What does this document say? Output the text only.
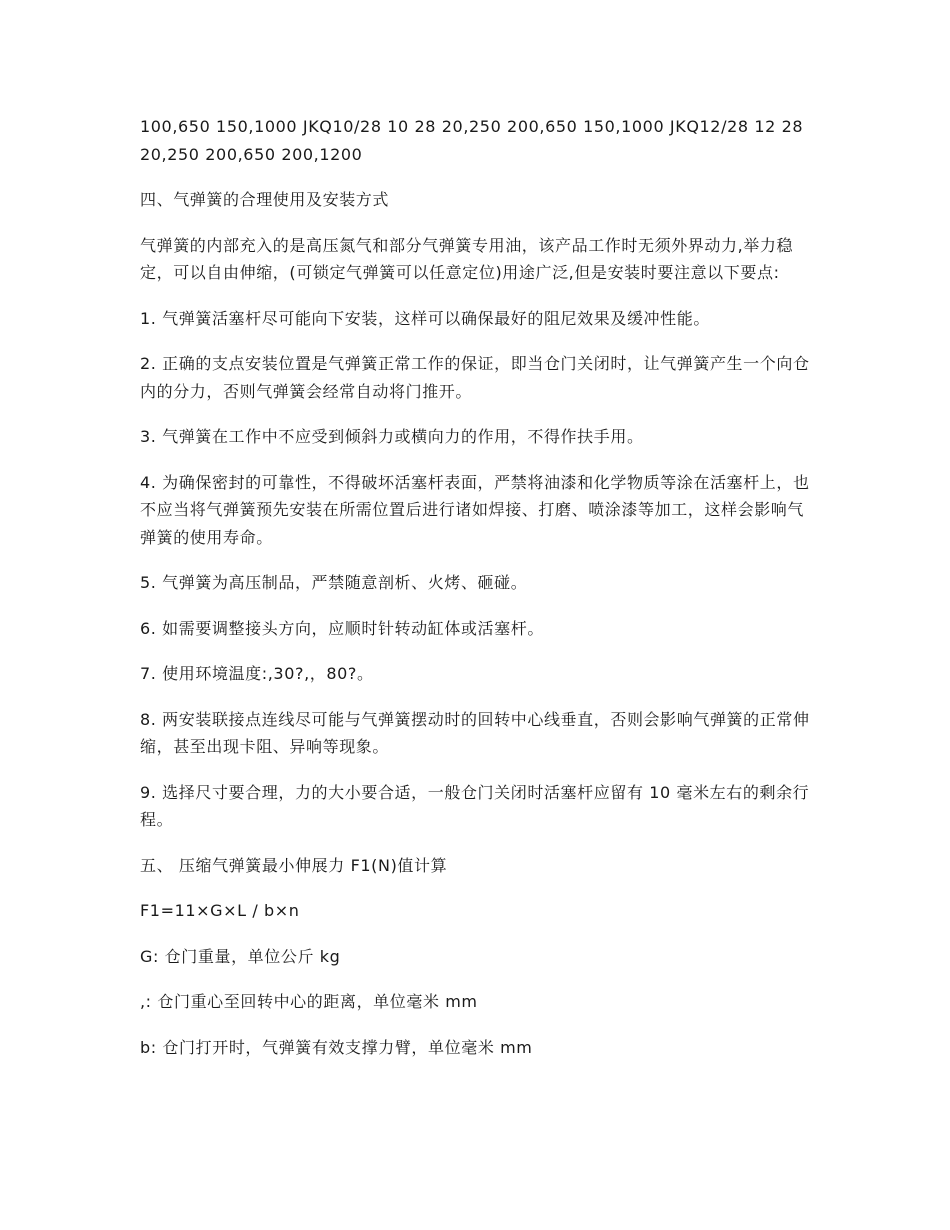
100,650 150,1000 JKQ10/28 10 28 20,250 200,650 150,1000 JKQ12/28 12 28 20,250 200,650 200,1200

四、气弹簧的合理使用及安装方式

气弹簧的内部充入的是高压氮气和部分气弹簧专用油，该产品工作时无须外界动力,举力稳定，可以自由伸缩，(可锁定气弹簧可以任意定位)用途广泛,但是安装时要注意以下要点:

1. 气弹簧活塞杆尽可能向下安装，这样可以确保最好的阻尼效果及缓冲性能。

2. 正确的支点安装位置是气弹簧正常工作的保证，即当仓门关闭时，让气弹簧产生一个向仓内的分力，否则气弹簧会经常自动将门推开。

3. 气弹簧在工作中不应受到倾斜力或横向力的作用，不得作扶手用。

4. 为确保密封的可靠性，不得破坏活塞杆表面，严禁将油漆和化学物质等涂在活塞杆上，也不应当将气弹簧预先安装在所需位置后进行诸如焊接、打磨、喷涂漆等加工，这样会影响气弹簧的使用寿命。

5. 气弹簧为高压制品，严禁随意剖析、火烤、砸碰。

6. 如需要调整接头方向，应顺时针转动缸体或活塞杆。

7. 使用环境温度:,30?,，80?。

8. 两安装联接点连线尽可能与气弹簧摆动时的回转中心线垂直，否则会影响气弹簧的正常伸缩，甚至出现卡阻、异响等现象。

9. 选择尺寸要合理，力的大小要合适，一般仓门关闭时活塞杆应留有 10 毫米左右的剩余行程。

五、 压缩气弹簧最小伸展力 F1(N)值计算

F1=11×G×L / b×n

G: 仓门重量，单位公斤 kg

,: 仓门重心至回转中心的距离，单位毫米 mm

b: 仓门打开时，气弹簧有效支撑力臂，单位毫米 mm
